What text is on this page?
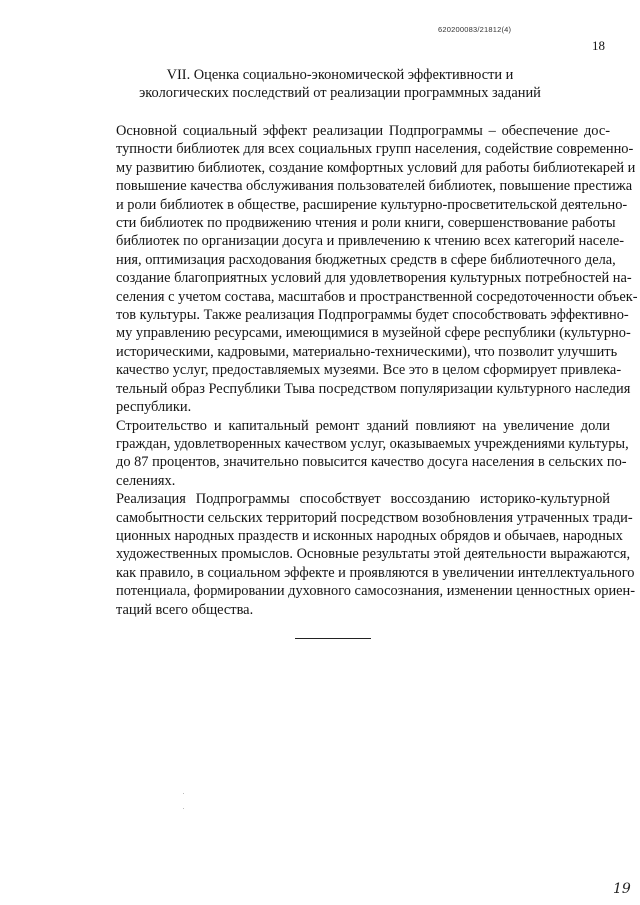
620200083/21812(4)
18
VII. Оценка социально-экономической эффективности и
экологических последствий от реализации программных заданий
Основной социальный эффект реализации Подпрограммы – обеспечение дос-
тупности библиотек для всех социальных групп населения, содействие современно-
му развитию библиотек, создание комфортных условий для работы библиотекарей и
повышение качества обслуживания пользователей библиотек, повышение престижа
и роли библиотек в обществе, расширение культурно-просветительской деятельно-
сти библиотек по продвижению чтения и роли книги, совершенствование работы
библиотек по организации досуга и привлечению к чтению всех категорий населе-
ния, оптимизация расходования бюджетных средств в сфере библиотечного дела,
создание благоприятных условий для удовлетворения культурных потребностей на-
селения с учетом состава, масштабов и пространственной сосредоточенности объек-
тов культуры. Также реализация Подпрограммы будет способствовать эффективно-
му управлению ресурсами, имеющимися в музейной сфере республики (культурно-
историческими, кадровыми, материально-техническими), что позволит улучшить
качество услуг, предоставляемых музеями. Все это в целом сформирует привлека-
тельный образ Республики Тыва посредством популяризации культурного наследия
республики.
Строительство и капитальный ремонт зданий повлияют на увеличение доли
граждан, удовлетворенных качеством услуг, оказываемых учреждениями культуры,
до 87 процентов, значительно повысится качество досуга населения в сельских по-
селениях.
Реализация Подпрограммы способствует воссозданию историко-культурной
самобытности сельских территорий посредством возобновления утраченных тради-
ционных народных праздеств и исконных народных обрядов и обычаев, народных
художественных промыслов. Основные результаты этой деятельности выражаются,
как правило, в социальном эффекте и проявляются в увеличении интеллектуального
потенциала, формировании духовного самосознания, изменении ценностных ориен-
таций всего общества.
19
